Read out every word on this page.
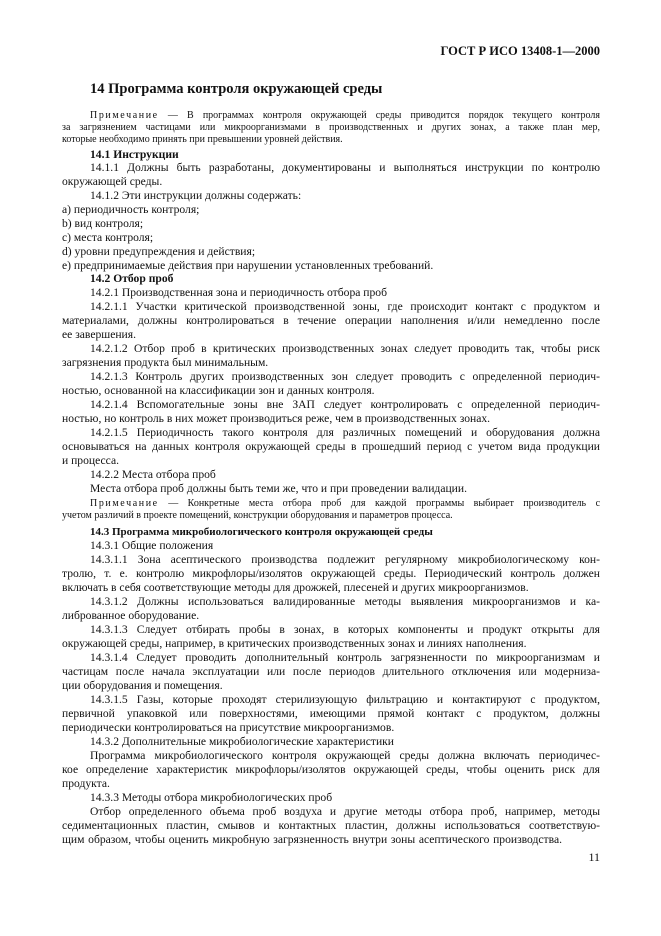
ГОСТ Р ИСО 13408-1—2000
14 Программа контроля окружающей среды
Примечание — В программах контроля окружающей среды приводится порядок текущего контроля
за загрязнением частицами или микроорганизмами в производственных и других зонах, а также план мер,
которые необходимо принять при превышении уровней действия.
14.1 Инструкции
14.1.1 Должны быть разработаны, документированы и выполняться инструкции по контролю
окружающей среды.
14.1.2 Эти инструкции должны содержать:
a) периодичность контроля;
b) вид контроля;
c) места контроля;
d) уровни предупреждения и действия;
e) предпринимаемые действия при нарушении установленных требований.
14.2 Отбор проб
14.2.1 Производственная зона и периодичность отбора проб
14.2.1.1 Участки критической производственной зоны, где происходит контакт с продуктом и
материалами, должны контролироваться в течение операции наполнения и/или немедленно после
ее завершения.
14.2.1.2 Отбор проб в критических производственных зонах следует проводить так, чтобы риск
загрязнения продукта был минимальным.
14.2.1.3 Контроль других производственных зон следует проводить с определенной периодич-
ностью, основанной на классификации зон и данных контроля.
14.2.1.4 Вспомогательные зоны вне ЗАП следует контролировать с определенной периодич-
ностью, но контроль в них может производиться реже, чем в производственных зонах.
14.2.1.5 Периодичность такого контроля для различных помещений и оборудования должна
основываться на данных контроля окружающей среды в прошедший период с учетом вида продукции
и процесса.
14.2.2 Места отбора проб
Места отбора проб должны быть теми же, что и при проведении валидации.
Примечание — Конкретные места отбора проб для каждой программы выбирает производитель с
учетом различий в проекте помещений, конструкции оборудования и параметров процесса.
14.3 Программа микробиологического контроля окружающей среды
14.3.1 Общие положения
14.3.1.1 Зона асептического производства подлежит регулярному микробиологическому кон-
тролю, т. е. контролю микрофлоры/изолятов окружающей среды. Периодический контроль должен
включать в себя соответствующие методы для дрожжей, плесеней и других микроорганизмов.
14.3.1.2 Должны использоваться валидированные методы выявления микроорганизмов и ка-
либрованное оборудование.
14.3.1.3 Следует отбирать пробы в зонах, в которых компоненты и продукт открыты для
окружающей среды, например, в критических производственных зонах и линиях наполнения.
14.3.1.4 Следует проводить дополнительный контроль загрязненности по микроорганизмам и
частицам после начала эксплуатации или после периодов длительного отключения или модерниза-
ции оборудования и помещения.
14.3.1.5 Газы, которые проходят стерилизующую фильтрацию и контактируют с продуктом,
первичной упаковкой или поверхностями, имеющими прямой контакт с продуктом, должны
периодически контролироваться на присутствие микроорганизмов.
14.3.2 Дополнительные микробиологические характеристики
Программа микробиологического контроля окружающей среды должна включать периодичес-
кое определение характеристик микрофлоры/изолятов окружающей среды, чтобы оценить риск для
продукта.
14.3.3 Методы отбора микробиологических проб
Отбор определенного объема проб воздуха и другие методы отбора проб, например, методы
седиментационных пластин, смывов и контактных пластин, должны использоваться соответствую-
щим образом, чтобы оценить микробную загрязненность внутри зоны асептического производства.
11
